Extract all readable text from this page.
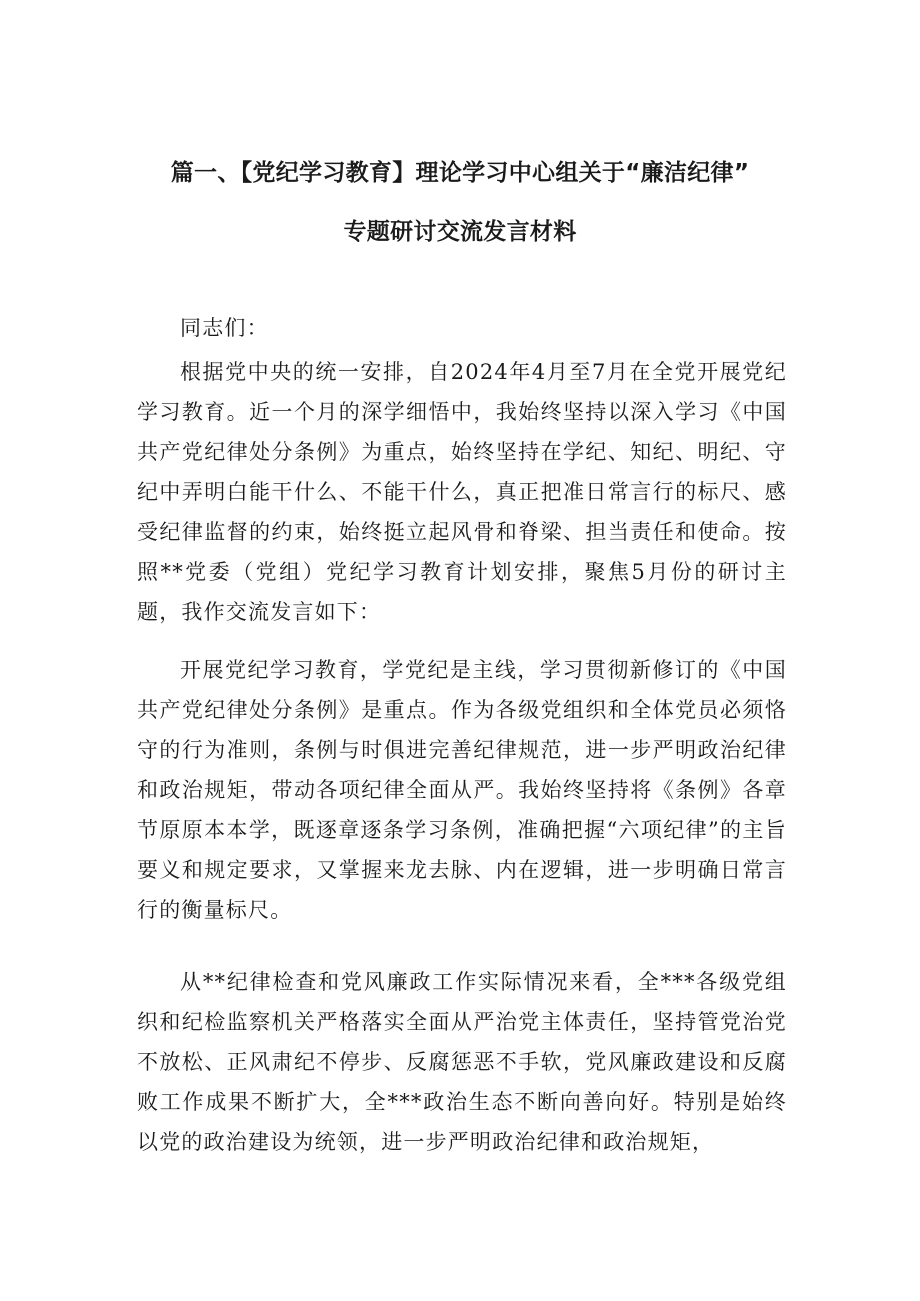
篇一、【党纪学习教育】理论学习中心组关于“廉洁纪律”
专题研讨交流发言材料
同志们：

根据党中央的统一安排，自2024年4月至7月在全党开展党纪学习教育。近一个月的深学细悟中，我始终坚持以深入学习《中国共产党纪律处分条例》为重点，始终坚持在学纪、知纪、明纪、守纪中弄明白能干什么、不能干什么，真正把准日常言行的标尺、感受纪律监督的约束，始终挺立起风骨和脊梁、担当责任和使命。按照**党委（党组）党纪学习教育计划安排，聚焦5月份的研讨主题，我作交流发言如下：

开展党纪学习教育，学党纪是主线，学习贯彻新修订的《中国共产党纪律处分条例》是重点。作为各级党组织和全体党员必须恪守的行为准则，条例与时俱进完善纪律规范，进一步严明政治纪律和政治规矩，带动各项纪律全面从严。我始终坚持将《条例》各章节原原本本学，既逐章逐条学习条例，准确把握“六项纪律”的主旨要义和规定要求，又掌握来龙去脉、内在逻辑，进一步明确日常言行的衡量标尺。

从**纪律检查和党风廉政工作实际情况来看，全***各级党组织和纪检监察机关严格落实全面从严治党主体责任，坚持管党治党不放松、正风肃纪不停步、反腐惩恶不手软，党风廉政建设和反腐败工作成果不断扩大，全***政治生态不断向善向好。特别是始终以党的政治建设为统领，进一步严明政治纪律和政治规矩，
